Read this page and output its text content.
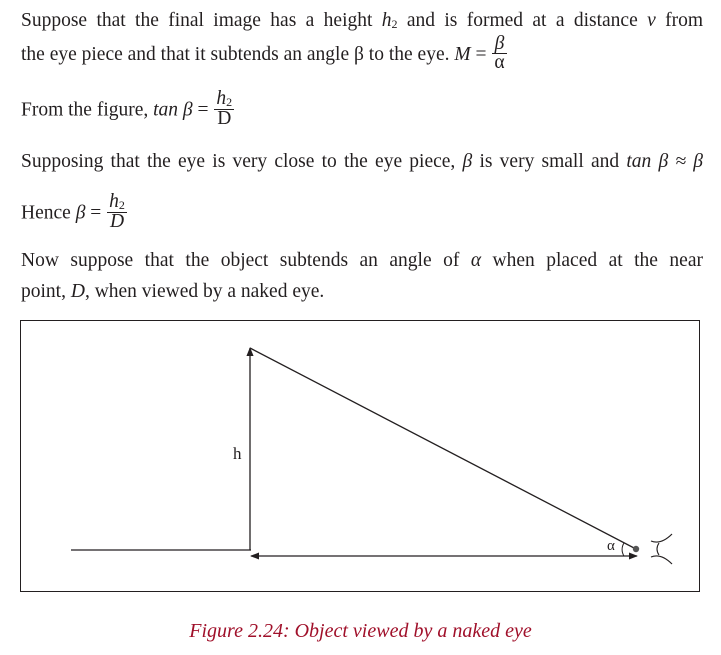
Suppose that the final image has a height $h_2$ and is formed at a distance v from
the eye piece and that it subtends an angle β to the eye. $M = \frac{\beta}{\alpha}$
From the figure, $\tan \beta = \frac{h_2}{D}$
Supposing that the eye is very close to the eye piece, β is very small and tan β ≈ β
Hence $\beta = \frac{h_2}{D}$
Now suppose that the object subtends an angle of α when placed at the near
point, D, when viewed by a naked eye.
h
α
Figure 2.24: Object viewed by a naked eye
